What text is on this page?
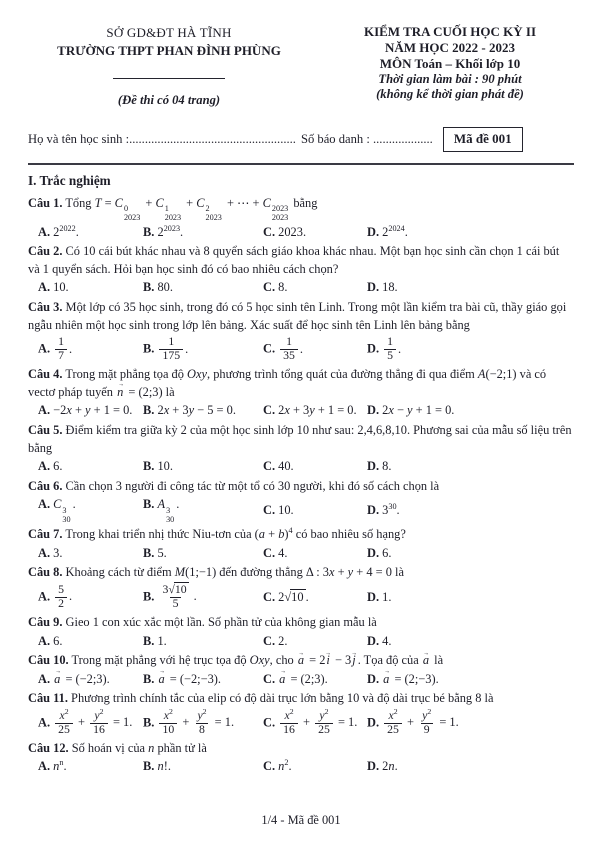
SỞ GD&ĐT HÀ TĨNH
TRƯỜNG THPT PHAN ĐÌNH PHÙNG
(Đề thi có 04 trang)
KIỂM TRA CUỐI HỌC KỲ II
NĂM HỌC 2022 - 2023
MÔN Toán – Khối lớp 10
Thời gian làm bài : 90 phút
(không kể thời gian phát đề)
Họ và tên học sinh :..................................................... Số báo danh : ...................	Mã đề 001
I. Trắc nghiệm

Câu 1. Tổng T = C 0
2023
+ C 1
2023
+ C 2
2023
+ ⋯ + C 2023
2023
bằng

A. $2^{2022}$.	B. $2^{2023}$.	C. 2023.	D. $2^{2024}$.

Câu 2. Có 10 cái bút khác nhau và 8 quyển sách giáo khoa khác nhau. Một bạn học sinh cần chọn 1 cái bút và 1 quyển sách. Hỏi bạn học sinh đó có bao nhiêu cách chọn?

A. 10.	B. 80.	C. 8.	D. 18.

Câu 3. Một lớp có 35 học sinh, trong đó có 5 học sinh tên Linh. Trong một lần kiểm tra bài cũ, thầy giáo gọi ngẫu nhiên một học sinh trong lớp lên bảng. Xác suất để học sinh tên Linh lên bảng bằng

A. $\frac{1}{7}$ .	B. $\frac{1}{175}$ .	C. $\frac{1}{35}$ .	D. $\frac{1}{5}$ .

Câu 4. Trong mặt phẳng tọa độ Oxy, phương trình tổng quát của đường thẳng đi qua điểm A(−2;1) và có vectơ pháp tuyến → n = (2;3) là

A. −2x + y + 1 = 0. B. 2x + 3y − 5 = 0.	C. 2x + 3y + 1 = 0. D. 2x − y + 1 = 0.

Câu 5. Điểm kiểm tra giữa kỳ 2 của một học sinh lớp 10 như sau: 2,4,6,8,10. Phương sai của mẫu số liệu trên bằng

A. 6.	B. 10.	C. 40.	D. 8.

Câu 6. Cần chọn 3 người đi công tác từ một tổ có 30 người, khi đó số cách chọn là

A. C 3
30
.	B. A 3
30
.	C. 10.	D. $3^{30}$.

Câu 7. Trong khai triển nhị thức Niu-tơn của $(a + b)^4$ có bao nhiêu số hạng?

A. 3.	B. 5.	C. 4.	D. 6.

Câu 8. Khoảng cách từ điểm M(1;−1) đến đường thẳng Δ : 3x + y + 4 = 0 là

A. $\frac{5}{2}$ .	B. $\frac{3√10}{5}$ .	C. 2√10 .	D. 1.

Câu 9. Gieo 1 con xúc xắc một lần. Số phần tử của không gian mẫu là

A. 6.	B. 1.	C. 2.	D. 4.

Câu 10. Trong mặt phẳng với hệ trục tọa độ Oxy, cho → a = 2→ i − 3→ j . Tọa độ của → a là

A. → a = (−2;3).	B. → a = (−2;−3).	C. → a = (2;3).	D. → a = (2;−3).

Câu 11. Phương trình chính tắc của elip có độ dài trục lớn bằng 10 và độ dài trục bé bằng 8 là

A. $\frac{x^2}{25} + \frac{y^2}{16} = 1$. B. $\frac{x^2}{10} + \frac{y^2}{8} = 1$.	C. $\frac{x^2}{16} + \frac{y^2}{25} = 1$. D. $\frac{x^2}{25} + \frac{y^2}{9} = 1$.

Câu 12. Số hoán vị của n phần tử là

A. $n^n$.	B. n!.	C. $n^2$.	D. 2n.
1/4 - Mã đề 001
